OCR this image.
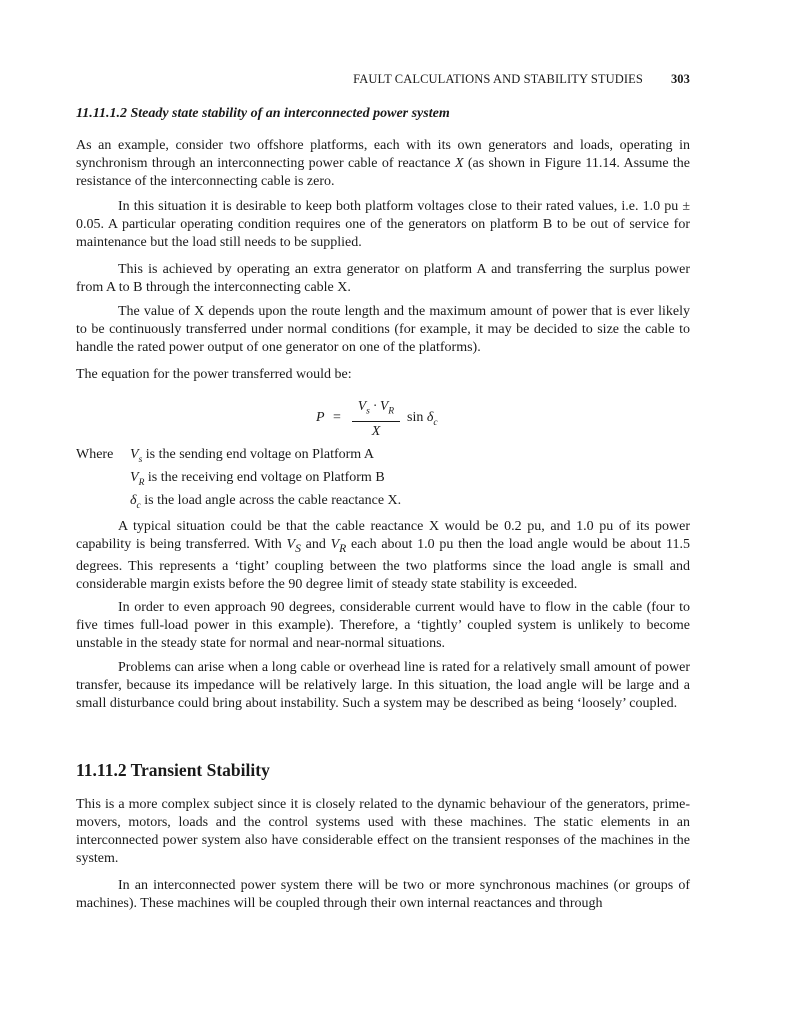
FAULT CALCULATIONS AND STABILITY STUDIES 303
11.11.1.2 Steady state stability of an interconnected power system
As an example, consider two offshore platforms, each with its own generators and loads, operating in synchronism through an interconnecting power cable of reactance X (as shown in Figure 11.14. Assume the resistance of the interconnecting cable is zero.
In this situation it is desirable to keep both platform voltages close to their rated values, i.e. 1.0 pu ± 0.05. A particular operating condition requires one of the generators on platform B to be out of service for maintenance but the load still needs to be supplied.
This is achieved by operating an extra generator on platform A and transferring the surplus power from A to B through the interconnecting cable X.
The value of X depends upon the route length and the maximum amount of power that is ever likely to be continuously transferred under normal conditions (for example, it may be decided to size the cable to handle the rated power output of one generator on one of the platforms).
The equation for the power transferred would be:
P =
$V_s \cdot V_R$
X
$\sin \delta_c$
Where $V_s$ is the sending end voltage on Platform A
$V_R$ is the receiving end voltage on Platform B
$\delta_c$ is the load angle across the cable reactance X.
A typical situation could be that the cable reactance X would be 0.2 pu, and 1.0 pu of its power capability is being transferred. With $V_S$ and $V_R$ each about 1.0 pu then the load angle would be about 11.5 degrees. This represents a ‘tight’ coupling between the two platforms since the load angle is small and considerable margin exists before the 90 degree limit of steady state stability is exceeded.
In order to even approach 90 degrees, considerable current would have to flow in the cable (four to five times full-load power in this example). Therefore, a ‘tightly’ coupled system is unlikely to become unstable in the steady state for normal and near-normal situations.
Problems can arise when a long cable or overhead line is rated for a relatively small amount of power transfer, because its impedance will be relatively large. In this situation, the load angle will be large and a small disturbance could bring about instability. Such a system may be described as being ‘loosely’ coupled.
11.11.2 Transient Stability
This is a more complex subject since it is closely related to the dynamic behaviour of the generators, prime-movers, motors, loads and the control systems used with these machines. The static elements in an interconnected power system also have considerable effect on the transient responses of the machines in the system.
In an interconnected power system there will be two or more synchronous machines (or groups of machines). These machines will be coupled through their own internal reactances and through
